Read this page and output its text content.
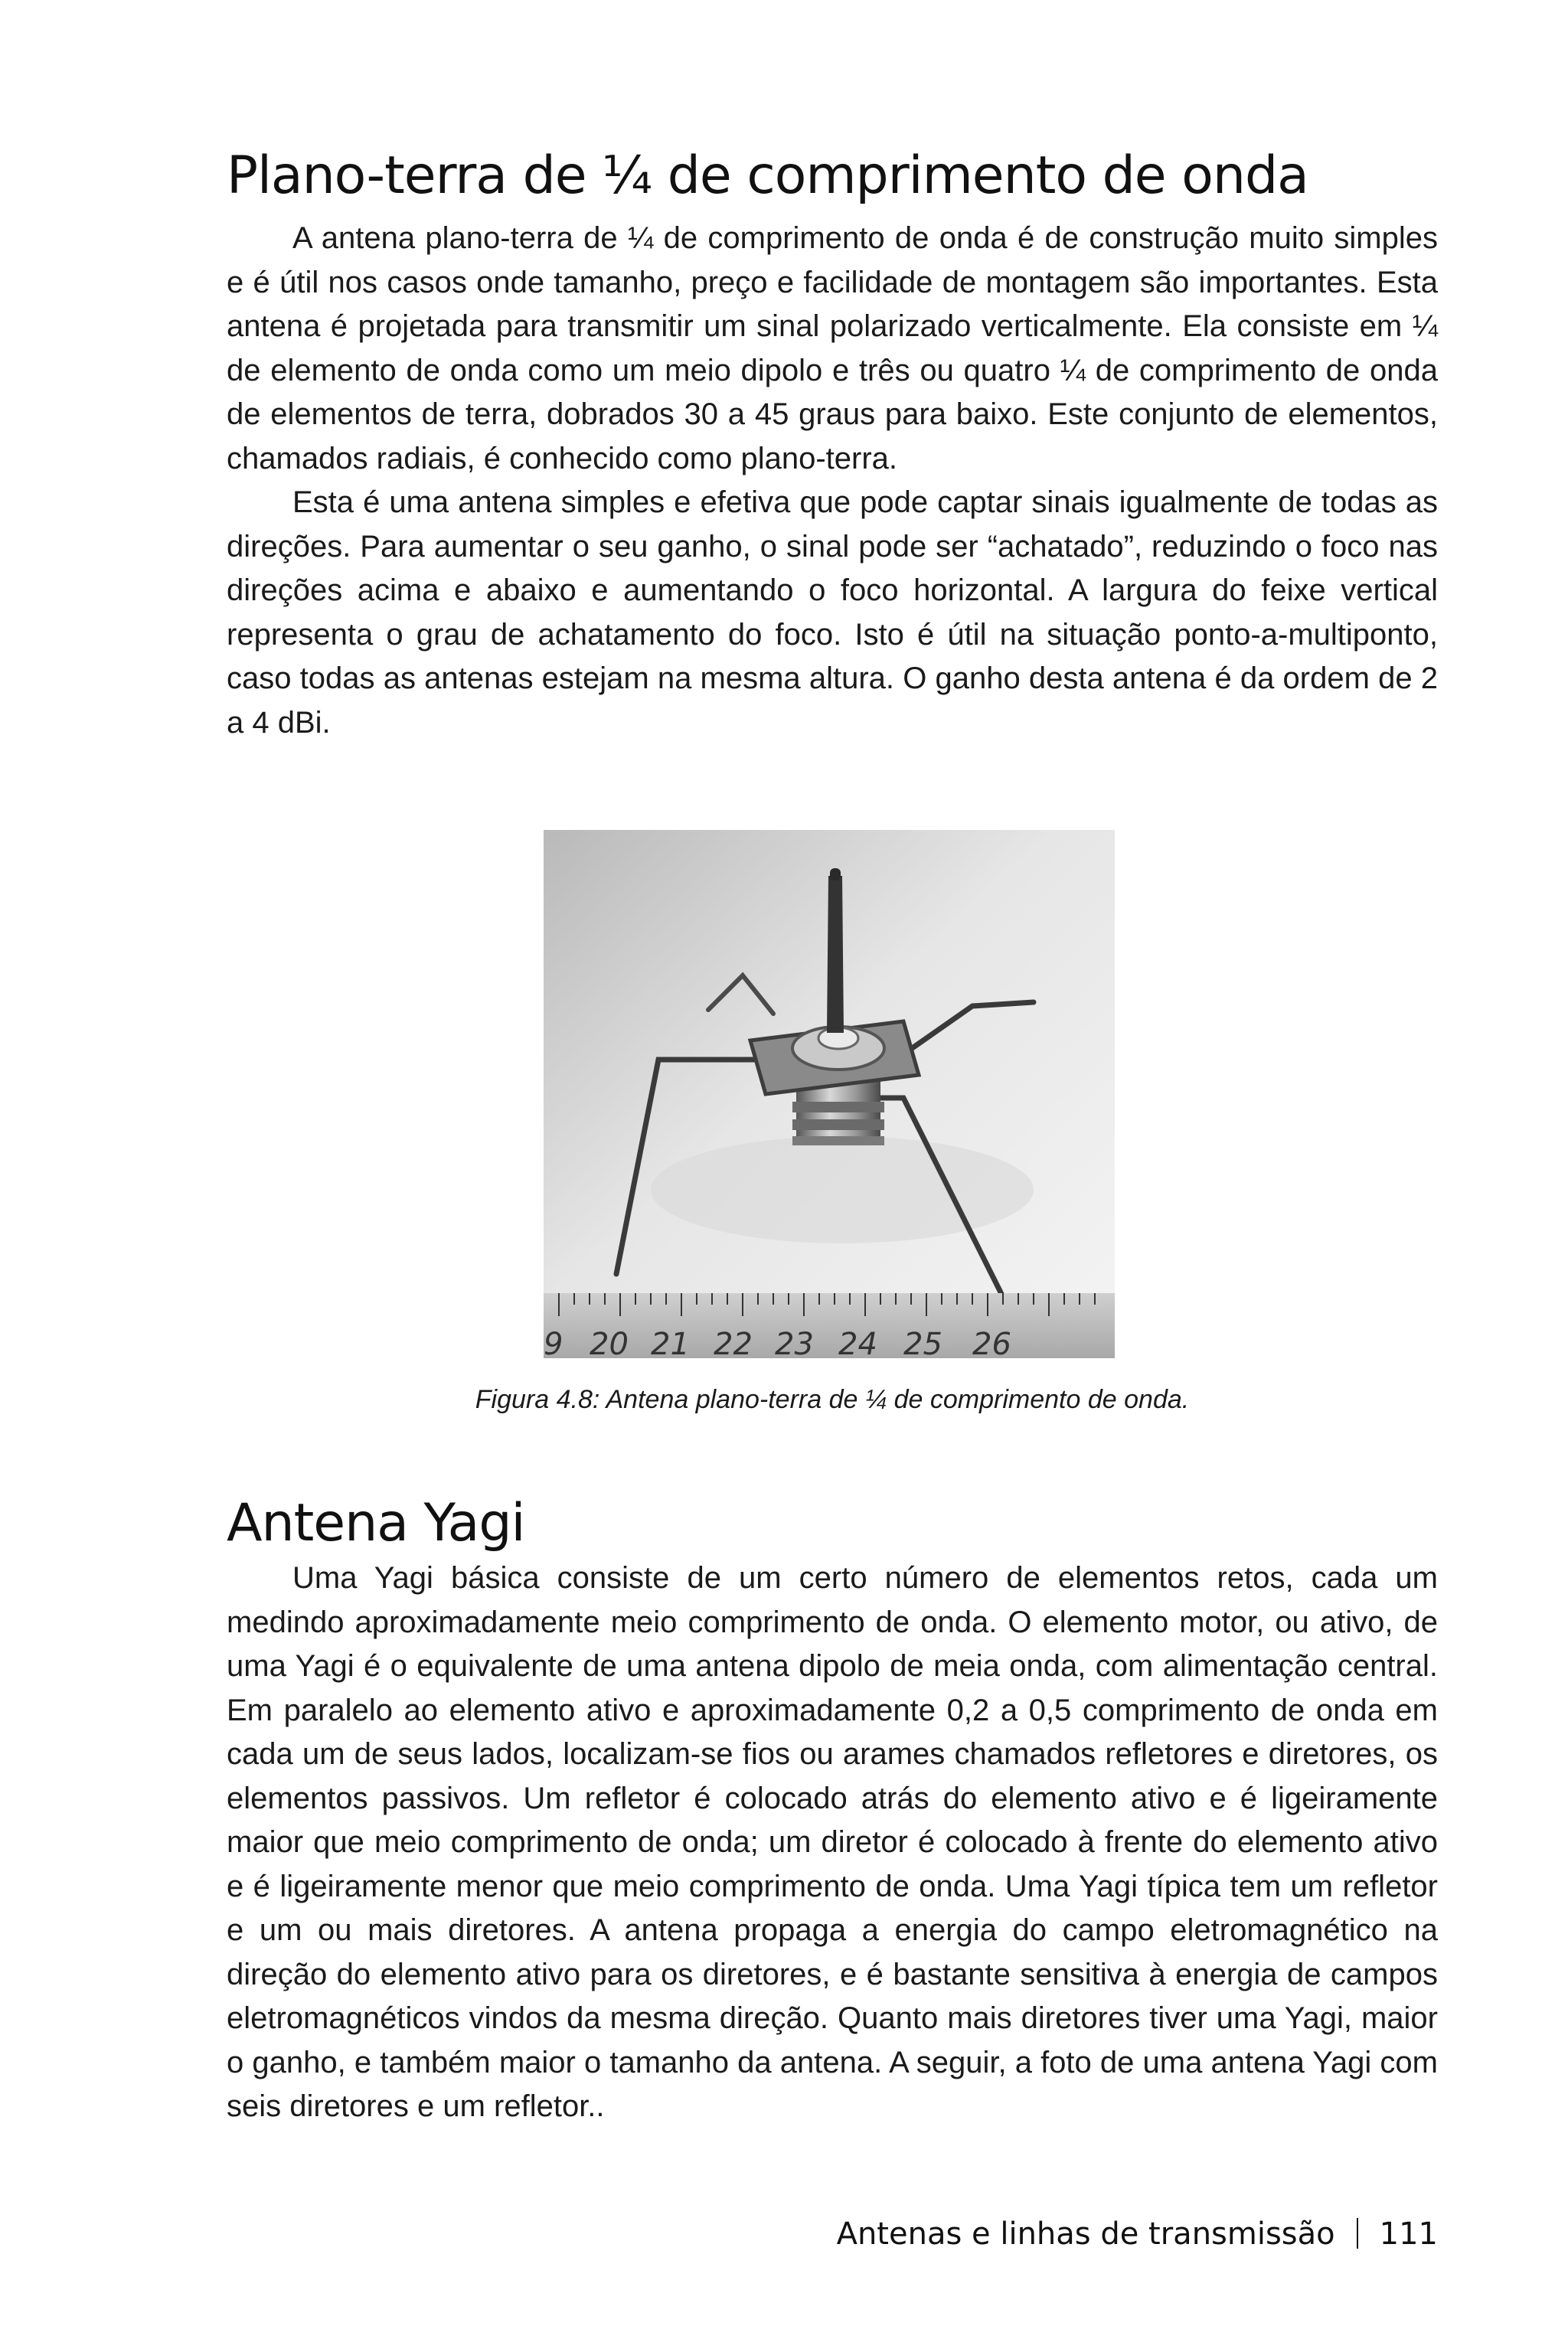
Plano-terra de ¼ de comprimento de onda

A antena plano-terra de ¼ de comprimento de onda é de construção muito simples e é útil nos casos onde tamanho, preço e facilidade de montagem são importantes. Esta antena é projetada para transmitir um sinal polarizado verticalmente. Ela consiste em ¼ de elemento de onda como um meio dipolo e três ou quatro ¼ de comprimento de onda de elementos de terra, dobrados 30 a 45 graus para baixo. Este conjunto de elementos, chamados radiais, é conhecido como plano-terra.

Esta é uma antena simples e efetiva que pode captar sinais igualmente de todas as direções. Para aumentar o seu ganho, o sinal pode ser “achatado”, reduzindo o foco nas direções acima e abaixo e aumentando o foco horizontal. A largura do feixe vertical representa o grau de achatamento do foco. Isto é útil na situação ponto-a-multiponto, caso todas as antenas estejam na mesma altura. O ganho desta antena é da ordem de 2 a 4 dBi.

9 20 21 22 23 24 25 26
Figura 4.8: Antena plano-terra de ¼ de comprimento de onda.
Antena Yagi

Uma Yagi básica consiste de um certo número de elementos retos, cada um medindo aproximadamente meio comprimento de onda. O elemento motor, ou ativo, de uma Yagi é o equivalente de uma antena dipolo de meia onda, com alimentação central. Em paralelo ao elemento ativo e aproximadamente 0,2 a 0,5 comprimento de onda em cada um de seus lados, localizam-se fios ou arames chamados refletores e diretores, os elementos passivos. Um refletor é colocado atrás do elemento ativo e é ligeiramente maior que meio comprimento de onda; um diretor é colocado à frente do elemento ativo e é ligeiramente menor que meio comprimento de onda. Uma Yagi típica tem um refletor e um ou mais diretores. A antena propaga a energia do campo eletromagnético na direção do elemento ativo para os diretores, e é bastante sensitiva à energia de campos eletromagnéticos vindos da mesma direção. Quanto mais diretores tiver uma Yagi, maior o ganho, e também maior o tamanho da antena. A seguir, a foto de uma antena Yagi com seis diretores e um refletor..

Antenas e linhas de transmissão 111
